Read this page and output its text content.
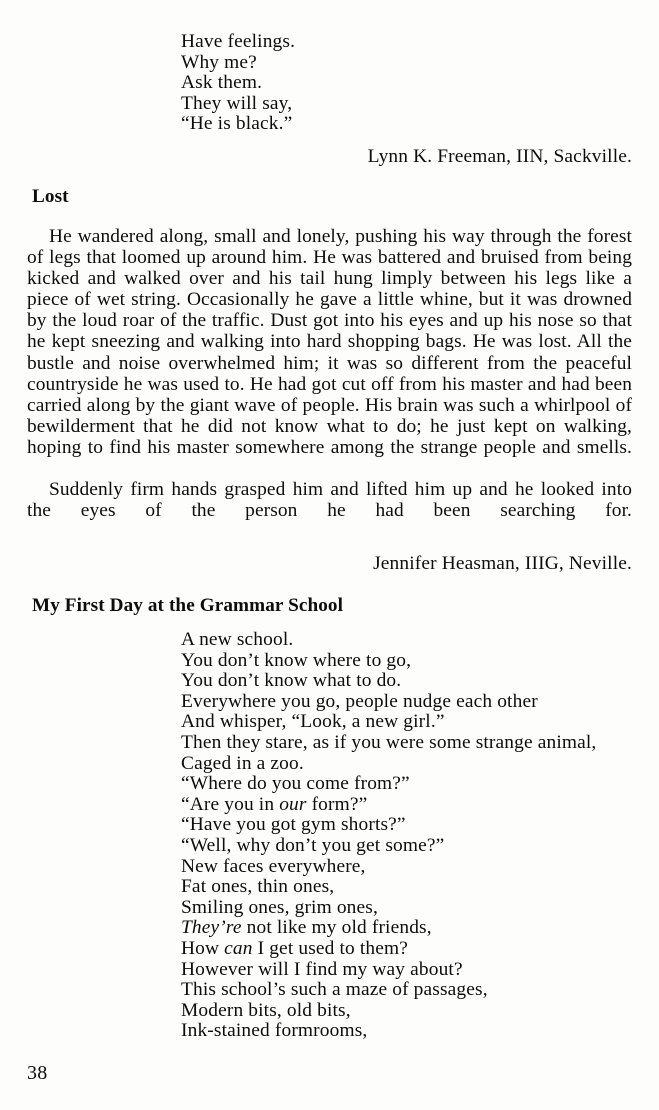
Have feelings.
Why me?
Ask them.
They will say,
“He is black.”
Lynn K. Freeman, IIN, Sackville.
Lost

He wandered along, small and lonely, pushing his way through the forest of legs that loomed up around him. He was battered and bruised from being kicked and walked over and his tail hung limply between his legs like a piece of wet string. Occasionally he gave a little whine, but it was drowned by the loud roar of the traffic. Dust got into his eyes and up his nose so that he kept sneezing and walking into hard shopping bags. He was lost. All the bustle and noise overwhelmed him; it was so different from the peaceful countryside he was used to. He had got cut off from his master and had been carried along by the giant wave of people. His brain was such a whirlpool of bewilderment that he did not know what to do; he just kept on walking, hoping to find his master somewhere among the strange people and smells.

Suddenly firm hands grasped him and lifted him up and he looked into the eyes of the person he had been searching for.

Jennifer Heasman, IIIG, Neville.
My First Day at the Grammar School
A new school.
You don’t know where to go,
You don’t know what to do.
Everywhere you go, people nudge each other
And whisper, “Look, a new girl.”
Then they stare, as if you were some strange animal,
Caged in a zoo.
“Where do you come from?”
“Are you in our form?”
“Have you got gym shorts?”
“Well, why don’t you get some?”
New faces everywhere,
Fat ones, thin ones,
Smiling ones, grim ones,
They’re not like my old friends,
How can I get used to them?
However will I find my way about?
This school’s such a maze of passages,
Modern bits, old bits,
Ink-stained formrooms,
38
